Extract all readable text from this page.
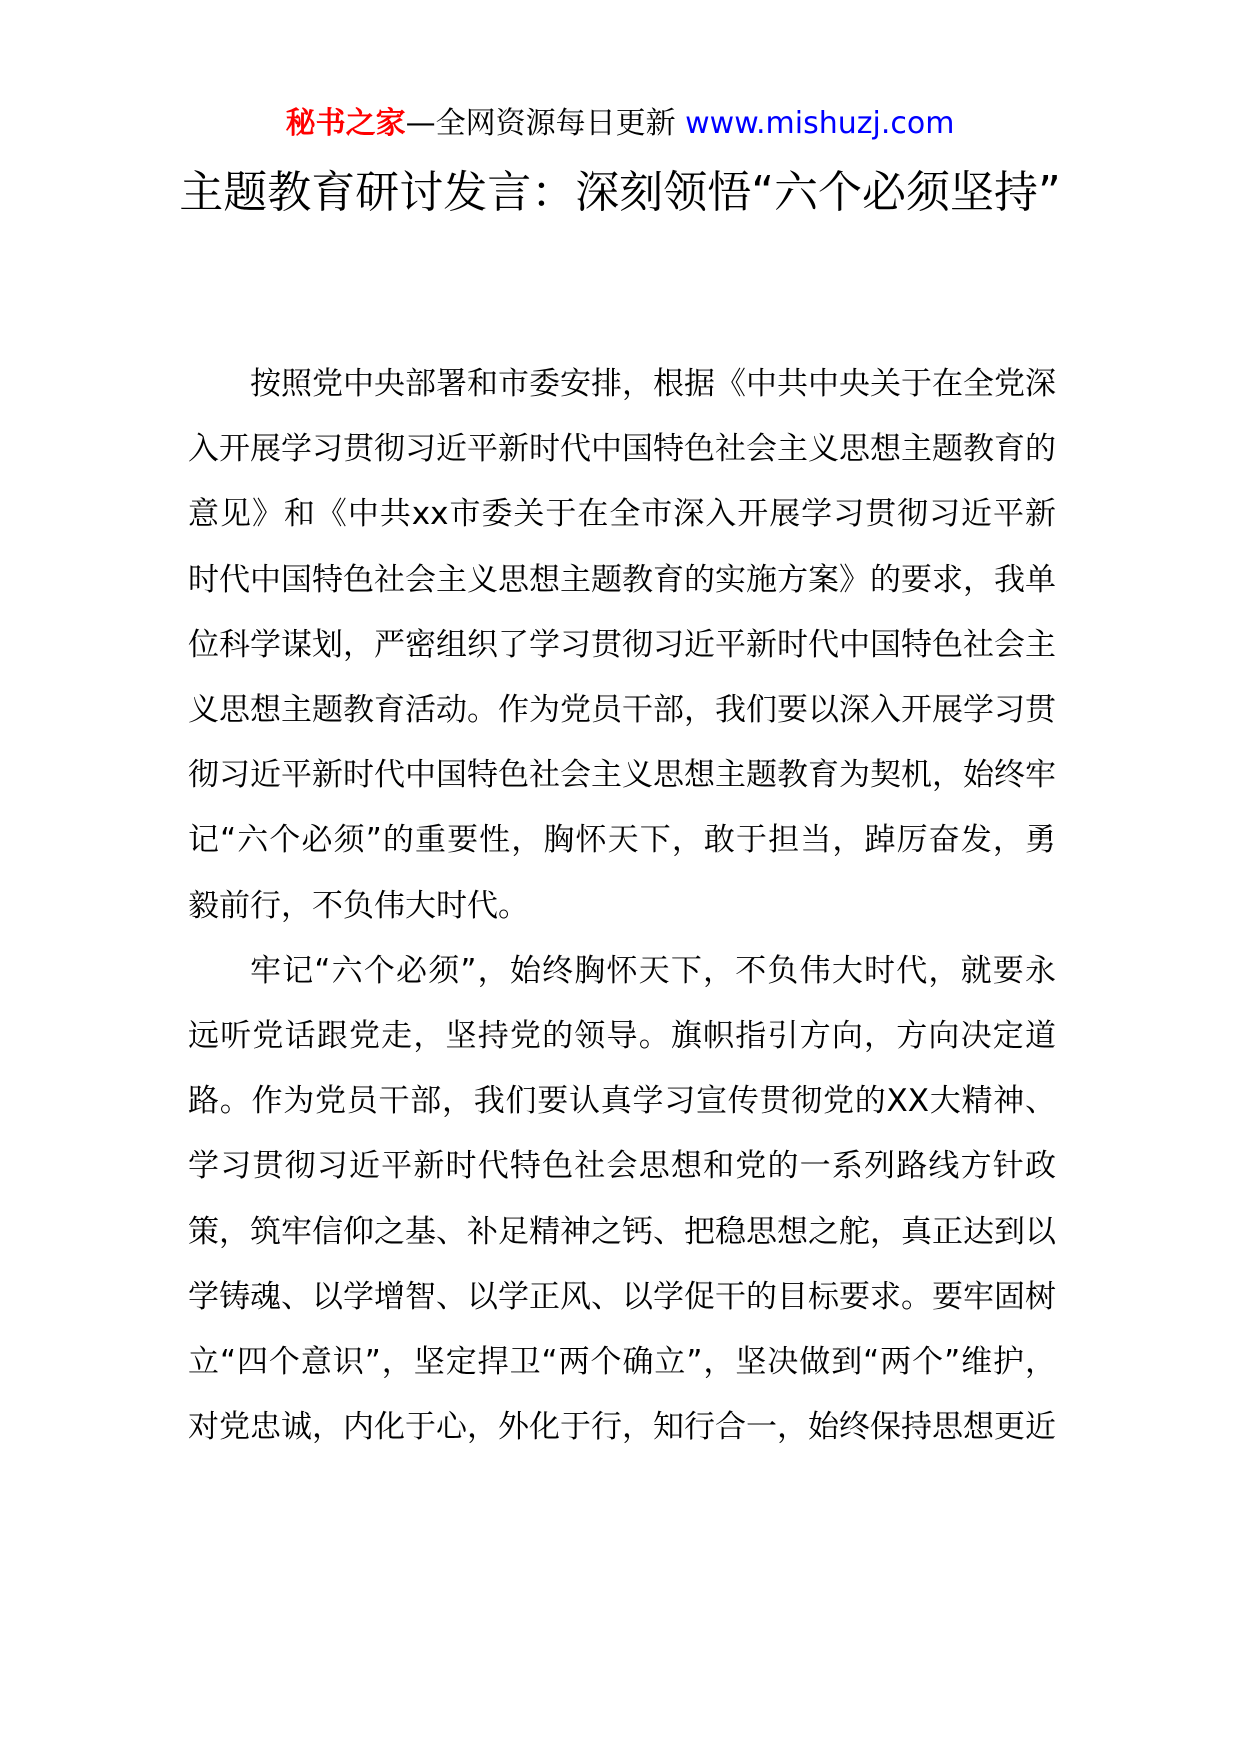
秘书之家—全网资源每日更新 www.mishuzj.com
主题教育研讨发言：深刻领悟“六个必须坚持”

按照党中央部署和市委安排，根据《中共中央关于在全党深入开展学习贯彻习近平新时代中国特色社会主义思想主题教育的意见》和《中共xx市委关于在全市深入开展学习贯彻习近平新时代中国特色社会主义思想主题教育的实施方案》的要求，我单位科学谋划，严密组织了学习贯彻习近平新时代中国特色社会主义思想主题教育活动。作为党员干部，我们要以深入开展学习贯彻习近平新时代中国特色社会主义思想主题教育为契机，始终牢记“六个必须”的重要性，胸怀天下，敢于担当，踔厉奋发，勇毅前行，不负伟大时代。

牢记“六个必须”，始终胸怀天下，不负伟大时代，就要永远听党话跟党走，坚持党的领导。旗帜指引方向，方向决定道路。作为党员干部，我们要认真学习宣传贯彻党的XX大精神、学习贯彻习近平新时代特色社会思想和党的一系列路线方针政策，筑牢信仰之基、补足精神之钙、把稳思想之舵，真正达到以学铸魂、以学增智、以学正风、以学促干的目标要求。要牢固树立“四个意识”，坚定捍卫“两个确立”，坚决做到“两个”维护，对党忠诚，内化于心，外化于行，知行合一，始终保持思想更近
